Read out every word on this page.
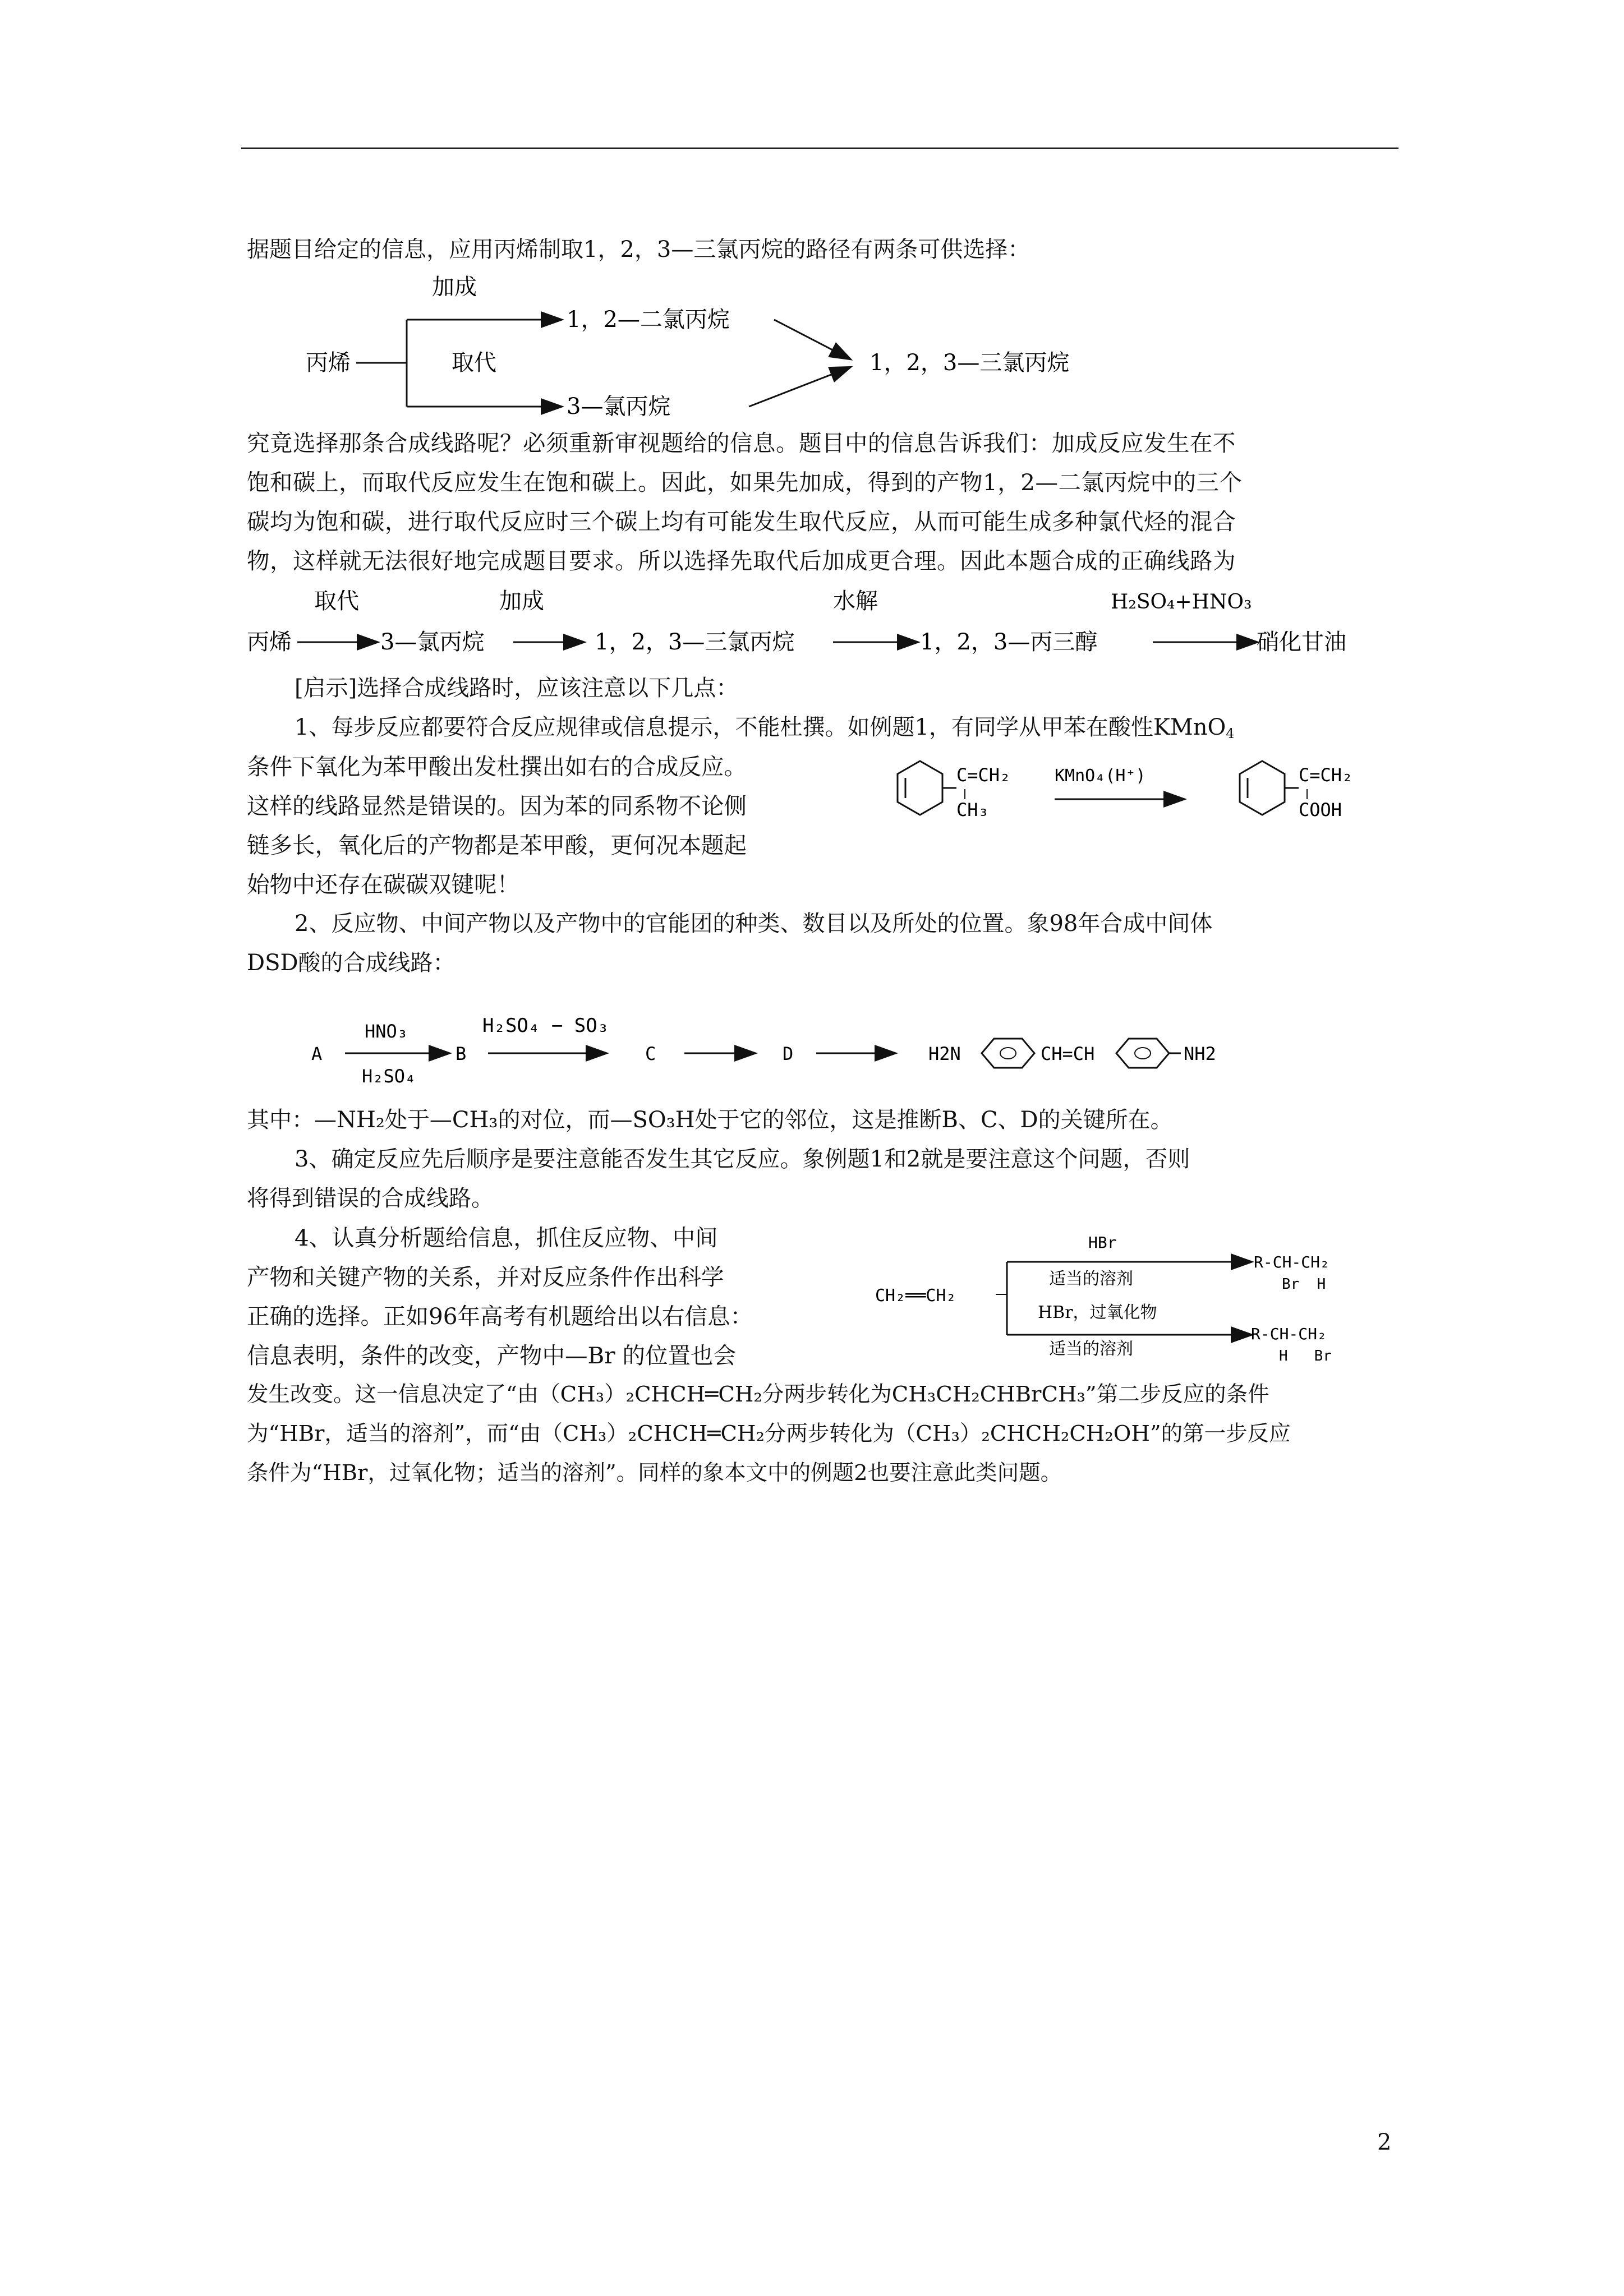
据题目给定的信息，应用丙烯制取1，2，3—三氯丙烷的路径有两条可供选择：
丙烯
加成
取代
1，2—二氯丙烷
3—氯丙烷
1，2，3—三氯丙烷
究竟选择那条合成线路呢？必须重新审视题给的信息。题目中的信息告诉我们：加成反应发生在不
饱和碳上，而取代反应发生在饱和碳上。因此，如果先加成，得到的产物1，2—二氯丙烷中的三个
碳均为饱和碳，进行取代反应时三个碳上均有可能发生取代反应，从而可能生成多种氯代烃的混合
物，这样就无法很好地完成题目要求。所以选择先取代后加成更合理。因此本题合成的正确线路为
取代	加成	水解	H₂SO₄+HNO₃
丙烯	3—氯丙烷	1，2，3—三氯丙烷	1，2，3—丙三醇	硝化甘油
[启示]选择合成线路时，应该注意以下几点：
1、每步反应都要符合反应规律或信息提示，不能杜撰。如例题1，有同学从甲苯在酸性KMnO$_4$
条件下氧化为苯甲酸出发杜撰出如右的合成反应。
这样的线路显然是错误的。因为苯的同系物不论侧
链多长，氧化后的产物都是苯甲酸，更何况本题起
始物中还存在碳碳双键呢！
C=CH₂
CH₃
KMnO₄(H⁺)	C=CH₂
COOH
2、反应物、中间产物以及产物中的官能团的种类、数目以及所处的位置。象98年合成中间体
DSD酸的合成线路：
A
HNO₃
H₂SO₄
B
H₂SO₄ − SO₃
C	D	H2N	CH=CH	NH2
其中：—NH₂处于—CH₃的对位，而—SO₃H处于它的邻位，这是推断B、C、D的关键所在。
3、确定反应先后顺序是要注意能否发生其它反应。象例题1和2就是要注意这个问题，否则
将得到错误的合成线路。
4、认真分析题给信息，抓住反应物、中间
产物和关键产物的关系，并对反应条件作出科学
正确的选择。正如96年高考有机题给出以右信息：
信息表明，条件的改变，产物中—Br 的位置也会
CH₂══CH₂
HBr
适当的溶剂
HBr，过氧化物
适当的溶剂
R-CH-CH₂
Br  H
R-CH-CH₂
H   Br
发生改变。这一信息决定了“由（CH₃）₂CHCH═CH₂分两步转化为CH₃CH₂CHBrCH₃”第二步反应的条件
为“HBr，适当的溶剂”，而“由（CH₃）₂CHCH═CH₂分两步转化为（CH₃）₂CHCH₂CH₂OH”的第一步反应
条件为“HBr，过氧化物；适当的溶剂”。同样的象本文中的例题2也要注意此类问题。
2
